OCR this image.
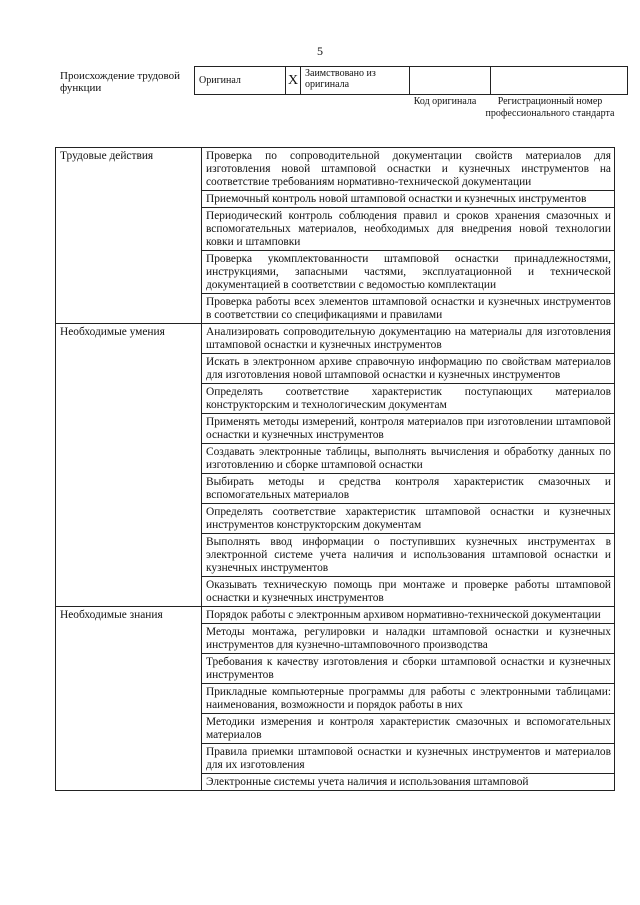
5
Происхождение трудовой функции
Оригинал	X	Заимствовано из оригинала		
Код оригинала	Регистрационный номер профессионального стандарта
Трудовые действия	Проверка по сопроводительной документации свойств материалов для изготовления новой штамповой оснастки и кузнечных инструментов на соответствие требованиям нормативно-технической документации
	Приемочный контроль новой штамповой оснастки и кузнечных инструментов
	Периодический контроль соблюдения правил и сроков хранения смазочных и вспомогательных материалов, необходимых для внедрения новой технологии ковки и штамповки
	Проверка укомплектованности штамповой оснастки принадлежностями, инструкциями, запасными частями, эксплуатационной и технической документацией в соответствии с ведомостью комплектации
	Проверка работы всех элементов штамповой оснастки и кузнечных инструментов в соответствии со спецификациями и правилами
Необходимые умения	Анализировать сопроводительную документацию на материалы для изготовления штамповой оснастки и кузнечных инструментов
	Искать в электронном архиве справочную информацию по свойствам материалов для изготовления новой штамповой оснастки и кузнечных инструментов
	Определять соответствие характеристик поступающих материалов конструкторским и технологическим документам
	Применять методы измерений, контроля материалов при изготовлении штамповой оснастки и кузнечных инструментов
	Создавать электронные таблицы, выполнять вычисления и обработку данных по изготовлению и сборке штамповой оснастки
	Выбирать методы и средства контроля характеристик смазочных и вспомогательных материалов
	Определять соответствие характеристик штамповой оснастки и кузнечных инструментов конструкторским документам
	Выполнять ввод информации о поступивших кузнечных инструментах в электронной системе учета наличия и использования штамповой оснастки и кузнечных инструментов
	Оказывать техническую помощь при монтаже и проверке работы штамповой оснастки и кузнечных инструментов
Необходимые знания	Порядок работы с электронным архивом нормативно-технической документации
	Методы монтажа, регулировки и наладки штамповой оснастки и кузнечных инструментов для кузнечно-штамповочного производства
	Требования к качеству изготовления и сборки штамповой оснастки и кузнечных инструментов
	Прикладные компьютерные программы для работы с электронными таблицами: наименования, возможности и порядок работы в них
	Методики измерения и контроля характеристик смазочных и вспомогательных материалов
	Правила приемки штамповой оснастки и кузнечных инструментов и материалов для их изготовления
	Электронные системы учета наличия и использования штамповой
